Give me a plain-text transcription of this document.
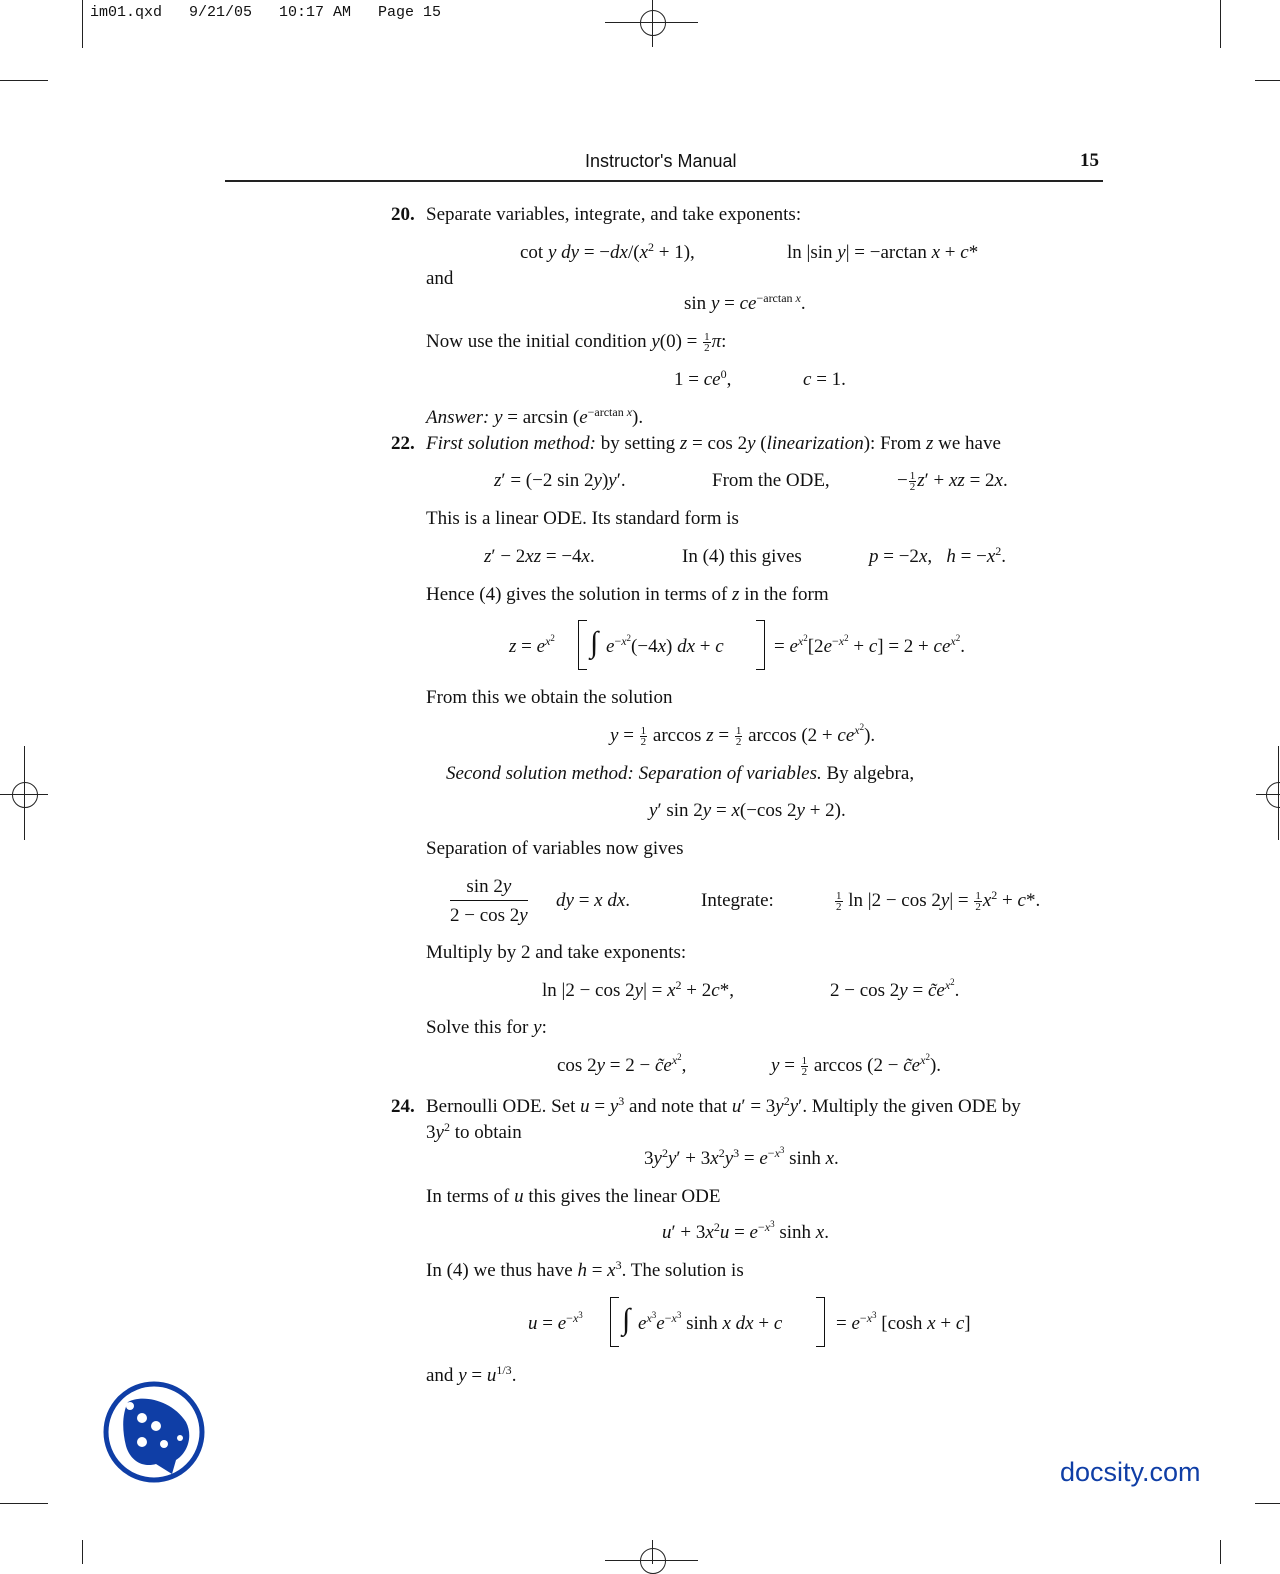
im01.qxd   9/21/05   10:17 AM   Page 15
Instructor's Manual	15
20. Separate variables, integrate, and take exponents:
cot y dy = $-dx/(x^2 + 1)$,	ln |sin y| = −arctan x + c*
and
$\sin y = ce^{-arctan x}$.
Now use the initial condition $y(0) = \frac{1}{2} \pi$:
$1 = ce^0$,	c = 1.
Answer: $y = \arcsin (e^{-arctan x})$.
22. First solution method: by setting z = cos 2y (linearization): From z we have
z′ = (−2 sin 2y)y′.	From the ODE,	− $\frac{1}{2} z'$ + xz = 2x.
This is a linear ODE. Its standard form is
z′ − 2xz = −4x.	In (4) this gives	p = −2x,   $h = -x^2$.
Hence (4) gives the solution in terms of z in the form
$z = e^{x^2}$ ∫ $e^{-x^2}(-4x)$ dx + c	= $e^{x^2}[2e^{-x^2} + c] = 2 + ce^{x^2}$.
From this we obtain the solution
$y = \frac{1}{2}$ $\arccos z = \frac{1}{2}$ $\arccos (2 + ce^{x^2})$.
Second solution method: Separation of variables. By algebra,
y′ sin 2y = x(−cos 2y + 2).
Separation of variables now gives
sin 2y
2 − cos 2y
dy = x dx.	Integrate:	$\frac{1}{2}$ $\ln |2 - \cos 2y| = \frac{1}{2} x^2 + c*$.
Multiply by 2 and take exponents:
$\ln |2 - \cos 2y| = x^2 + 2c*$,	$2 - \cos 2y = c̃e^{x^2}$.
Solve this for y:
$\cos 2y = 2 - c̃e^{x^2}$,	$y = \frac{1}{2}$ $\arccos (2 - c̃e^{x^2})$.
24. Bernoulli ODE. Set $u = y^3$ and note that $u' = 3y^2y'$. Multiply the given ODE by
$3y^2$ to obtain
$3y^2y' + 3x^2y^3 = e^{-x^3}$ sinh x.
In terms of u this gives the linear ODE
$u' + 3x^2u = e^{-x^3}$ sinh x.
In (4) we thus have $h = x^3$. The solution is
$u = e^{-x^3}$ ∫ $e^{x^3}e^{-x^3}$ sinh x dx + c	= $e^{-x^3}$ [cosh x + c]
and $y = u^{1/3}$.
docsity.com
